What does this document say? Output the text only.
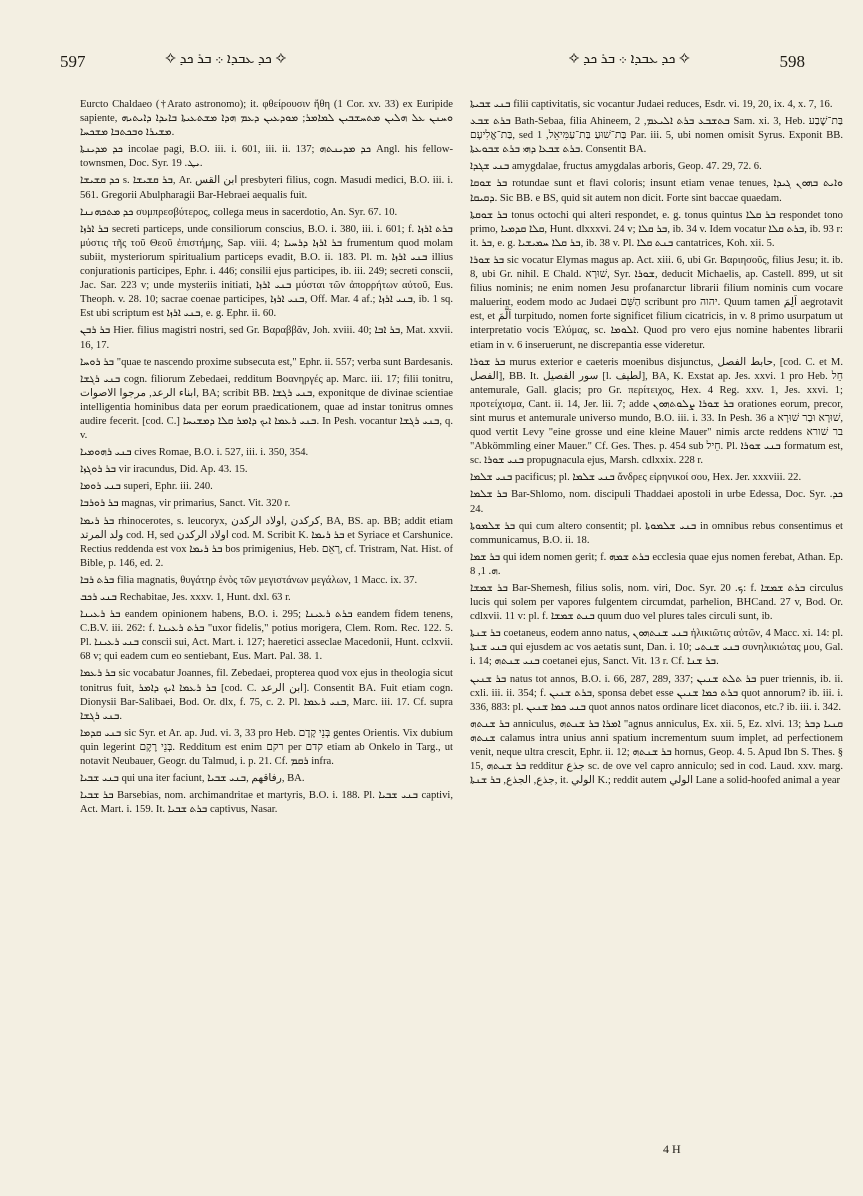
597	✧ ܟܕ ܥܒܕܐ ܀ ܒܪ ܟܕ ✧	✧ ܟܕ ܥܒܕܐ ܀ ܒܪ ܟܕ ✧	598

Eurcto Chaldaeo (†Arato astronomo); it. φθείρουσιν ἤθη (1 Cor. xv. 33) ex Euripide sapiente, ܘܚܢܢ ܥܠ ܗܠܝܢ ܡܬܚܫܒܝܢ ܠܡܐܡܪ; ܡܘܕܥܝܢ ܕܥܡ ܗܕܐ ܡܫܬܥܝܬܐ ܒܐܝܕܐ ܕܐܝܬܝܗ ܡܫܝܪܐ ܘܒܟܬܒܐ ܡܫܟܚܐ.

ܟܕ ܡܕܝܢܬܐ incolae pagi, B.O. iii. i. 601, iii. ii. 137; ܟܕ ܡܕܝܢܬܗ Angl. his fellow-townsmen, Doc. Syr. ܝܛ. 19.

ܟܕ ܩܫܝܫܐ s. ܒܪ ܩܫܝܫܐ, Ar. ابن القس presbyteri filius, cogn. Masudi medici, B.O. iii. i. 561. Gregorii Abulpharagii Bar-Hebraei aequalis fuit.

ܟܕ ܡܬܟܗܢܢܐ συμπρεσβύτερος, collega meus in sacerdotio, An. Syr. 67. 10.

ܒܪ ܐܪܙܐ secreti particeps, unde consiliorum conscius, B.O. i. 380, iii. i. 601; f. ܒܪܬ ܐܪܙܐ μύστις τῆς τοῦ Θεοῦ ἐπιστήμης, Sap. viii. 4; ܒܪ ܐܪܙܐ ܕܪܚܝܐ frumentum quod molam subiit, mysteriorum spiritualium particeps evadit, B.O. ii. 183. Pl. m. ܒܢܝ ܐܪܙܐ illius conjurationis participes, Ephr. i. 446; consilii ejus participes, ib. iii. 249; secreti conscii, Jac. Sar. 223 v; unde mysteriis initiati, ܒܢܝ ܐܪܙܐ μύσται τῶν ἀπορρήτων αὐτοῦ, Eus. Theoph. v. 28. 10; sacrae coenae participes, ܒܢܝ ܐܪܙܐ, Off. Mar. 4 af.; ܒܢܝ ܐܪܙܐ, ib. 1 sq. Est ubi scriptum est ܒܢܝ ܐܪܙܐ, e. g. Ephr. ii. 60.

ܒܪ ܪܒܢ Hier. filius magistri nostri, sed Gr. Βαραββᾶν, Joh. xviii. 40; ܒܪ ܐܒܐ, Mat. xxvii. 16, 17.

ܒܪ ܪܘܚܐ "quae te nascendo proxime subsecuta est," Ephr. ii. 557; verba sunt Bardesanis.

ܒܢܝ ܪܓܫܐ cogn. filiorum Zebedaei, redditum Βοανηργές ap. Marc. iii. 17; filii tonitru, ابناء الرعد, مرجوا الاصوات, BA; scribit BB. ܒܢܝ ܪܓܫܐ, exponitque de divinae scientiae intelligentia hominibus data per eorum praedicationem, quae ad instar tonitrus omnes audire fecerit. [cod. C.] ܒܢܝ ܪܥܡܐ ܐܝܟ ܕܐܡܪ ܩܠܐ ܕܡܫܝܚܐ. In Pesh. vocantur ܒܢܝ ܪܓܫܐ, q. v.

ܒܢܝ ܪܗܘܡܝܐ cives Romae, B.O. i. 527, iii. i. 350, 354.

ܒܪ ܪܘܓܙܐ vir iracundus, Did. Ap. 43. 15.

ܒܢܝ ܪܘܡܐ superi, Ephr. iii. 240.

ܒܪ ܪܘܪܒܐ magnas, vir primarius, Sanct. Vit. 320 r.

ܒܪ ܪܝܡܐ rhinocerotes, s. leucoryx, كركدن ,اولاد الركدن, BA, BS. ap. BB; addit etiam ولد المرتد cod. H, sed اولاد الركدن cod. M. Scribit K. ܒܪ ܪܝܡܐ et Syriace et Carshunice. Rectius reddenda est vox ܒܪ ܪܝܡܐ bos primigenius, Heb. רְאֵם, cf. Tristram, Nat. Hist. of Bible, p. 146, ed. 2.

ܒܪܬ ܪܒܐ filia magnatis, θυγάτηρ ἑνὸς τῶν μεγιστάνων μεγάλων, 1 Macc. ix. 37.

ܒܢܝ ܪܟܒ Rechabitae, Jes. xxxv. 1, Hunt. dxl. 63 r.

ܒܪ ܪܥܝܢܐ eandem opinionem habens, B.O. i. 295; ܒܪܬ ܪܥܝܢܐ eandem fidem tenens, C.B.V. iii. 262: f. ܒܪܬ ܪܥܝܢܐ "uxor fidelis," potius morigera, Clem. Rom. Rec. 122. 5. Pl. ܒܢܝ ܪܥܝܢܐ conscii sui, Act. Mart. i. 127; haeretici asseclae Macedonii, Hunt. cclxvii. 68 v; qui eadem cum eo sentiebant, Eus. Mart. Pal. 38. 1.

ܒܪ ܪܥܡܐ sic vocabatur Joannes, fil. Zebedaei, propterea quod vox ejus in theologia sicut tonitrus fuit, ܒܪ ܪܥܡܐ ܐܝܟ ܕܐܡܪ [cod. C. ابن الرعد]. Consentit BA. Fuit etiam cogn. Dionysii Bar-Salibaei, Bod. Or. dlx, f. 75, c. 2. Pl. ܒܢܝ ܪܥܡܐ, Marc. iii. 17. Cf. supra ܒܢܝ ܪܓܫܐ.

ܒܢܝ ܩܕܡܐ sic Syr. et Ar. ap. Jud. vi. 3, 33 pro Heb. בְּנֵי קֶדֶם gentes Orientis. Vix dubium quin legerint בְּנֵי רֶקֶם. Redditum est enim רקם per קדם etiam ab Onkelo in Targ., ut notavit Neubauer, Geogr. du Talmud, i. p. 21. Cf. ܪܩܡ infra.

ܒܢܝ ܫܒܝܐ qui una iter faciunt, رفاقهم ,ܒܢܝ ܫܒܝܐ, BA.

ܒܪ ܫܒܝܐ Barsebias, nom. archimandritae et martyris, B.O. i. 188. Pl. ܒܢܝ ܫܒܝܐ captivi, Act. Mart. i. 159. It. ܒܪܬ ܫܒܝܐ captivus, Nasar.

ܒܢܝ ܫܒܝܬܐ filii captivitatis, sic vocantur Judaei reduces, Esdr. vi. 19, 20, ix. 4, x. 7, 16.

ܒܪܬ ܫܒܥ Bath-Sebaa, filia Ahineem, ܒܬܫܒܥ ܒܪܬ ܐܠܝܥܡ, 2 Sam. xi. 3, Heb. בַּת־שֶׁבַע בַּת־אֱלִיעָם, sed בַּת־שׁוּעַ בַּת־עַמִּיאֵל, 1 Par. iii. 5, ubi nomen omisit Syrus. Exponit BB. ܒܪܬ ܫܒܥܐ ܕܗܝ ܒܪܬ ܫܒܘܥܬܐ. Consentit BA.

ܒܢܝ ܫܓܕܐ amygdalae, fructus amygdalas arboris, Geop. 47. 29, 72. 6.

ܒܪ ܫܘܩܐ rotundae sunt et flavi coloris; insunt etiam venae tenues, ܘܐܝܬ ܒܗܘܢ ܓܝܕܐ ܕܩܝܩܐ. Sic BB. e BS, quid sit autem non dicit. Forte sint baccae quaedam.

ܒܪ ܫܘܩܬܐ tonus octochi qui alteri respondet, e. g. tonus quintus ܒܪ ܩܠܐ respondet tono primo, ܩܠܐ ܩܕܡܝܐ, Hunt. dlxxxvi. 24 v; ܒܪ ܩܠܐ, ib. 34 v. Idem vocatur ܒܪܬ ܩܠܐ, ib. 93 r: it. ܒܪ, e. g. ܒܪ ܩܠܐ ܚܡܝܫܝܐ, ib. 38 v. Pl. ܒܢܬ ܩܠܐ cantatrices, Koh. xii. 5.

ܒܪ ܫܘܪܐ sic vocatur Elymas magus ap. Act. xiii. 6, ubi Gr. Βαριησοῦς, filius Jesu; it. ib. 8, ubi Gr. nihil. E Chald. שׁוּרָא, Syr. ܫܘܪܐ, deducit Michaelis, ap. Castell. 899, ut sit filius nominis; ne enim nomen Jesu profanarctur librarii filium nominis cum vocare maluerint, eodem modo ac Judaei הַשֵּׁם scribunt pro יהוה. Quum tamen اَلِمَ aegrotavit est, et اَلَّمَ turpitudo, nomen forte significet filium cicatricis, in v. 8 primo usurpatum ut interpretatio vocis Ἐλύμας, sc. ܐܠܘܡܐ. Quod pro vero ejus nomine habentes librarii etiam in v. 6 inseruerunt, ne discrepantia esse videretur.

ܒܪ ܫܘܪܐ murus exterior e caeteris moenibus disjunctus, حابط الفصل, [cod. C. et M. الفصل], BB. It. سور الفصيل [l. لطيف], BA, K. Exstat ap. Jes. xxvi. 1 pro Heb. חֵל antemurale, Gall. glacis; pro Gr. περίτειχος, Hex. 4 Reg. xxv. 1, Jes. xxvi. 1; προτείχισμα, Cant. ii. 14, Jer. lii. 7; adde ܒܪ ܫܘܪܐ ܨܠܘܬܗܘܢ orationes eorum, precor, sint murus et antemurale universo mundo, B.O. iii. i. 33. In Pesh. 36 a שׁוּרָא וּבַר שׁוּרָא, quod vertit Levy "eine grosse und eine kleine Mauer" nimis arcte reddens בר שׁורא "Abkömmling einer Mauer." Cf. Ges. Thes. p. 454 sub חֵיל. Pl. ܒܢܝ ܫܘܪܐ formatum est, sc. ܒܢܝ ܫܘܪܐ propugnacula ejus, Marsh. cdlxxix. 228 r.

ܒܢܝ ܫܠܡܐ pacificus; pl. ܒܢܝ ܫܠܡܐ ἄνδρες εἰρηνικοί σου, Hex. Jer. xxxviii. 22.

ܒܪ ܫܠܡܐ Bar-Shlomo, nom. discipuli Thaddaei apostoli in urbe Edessa, Doc. Syr. ܟܕ. 24.

ܒܪ ܫܠܡܘܬܐ qui cum altero consentit; pl. ܒܢܝ ܫܠܡܘܬܐ in omnibus rebus consentimus et communicamus, B.O. ii. 18.

ܒܪ ܫܡܐ qui idem nomen gerit; f. ܒܪܬ ܫܡܗ ecclesia quae ejus nomen ferebat, Athan. Ep. ܗ. 1, 8.

ܒܪ ܫܡܫܐ Bar-Shemesh, filius solis, nom. viri, Doc. Syr. ܟ. 20: f. ܒܪܬ ܫܡܫܐ circulus lucis qui solem per vapores fulgentem circumdat, parhelion, BHCand. 27 v, Bod. Or. cdlxvii. 11 v: pl. f. ܒܢܬ ܫܡܫܐ quum duo vel plures tales circuli sunt, ib.

ܒܪ ܫܢܬܐ coetaneus, eodem anno natus, ܒܢܝ ܫܢܬܗܘܢ ἡλικιῶτις αὐτῶν, 4 Macc. xi. 14: pl. ܒܢܝ ܫܢܬܐ qui ejusdem ac vos aetatis sunt, Dan. i. 10; ܒܢܝ ܫܢܬܝ συνηλικιώτας μου, Gal. i. 14; ܒܢܝ ܫܢܬܗ coetanei ejus, Sanct. Vit. 13 r. Cf. ܒܪ ܫܢܐ.

ܒܪ ܫܢܝܢ natus tot annos, B.O. i. 66, 287, 289, 337; ܒܪ ܬܠܬ ܫܢܝܢ puer triennis, ib. ii. cxli. iii. ii. 354; f. ܒܪܬ ܫܢܝܢ, sponsa debet esse ܒܪܬ ܟܡܐ ܫܢܝܢ quot annorum? ib. iii. i. 336, 883: pl. ܒܢܝ ܟܡܐ ܫܢܝܢ quot annos natos ordinare licet diaconos, etc.? ib. iii. i. 342.

ܒܪ ܫܢܬܗ anniculus, ܐܡܪܐ ܒܪ ܫܢܬܗ "agnus anniculus, Ex. xii. 5, Ez. xlvi. 13; ܩܢܝܐ ܕܒܪ ܫܢܬܗ calamus intra unius anni spatium incrementum suum implet, ad perfectionem venit, neque ultra crescit, Ephr. ii. 12; ܒܪ ܫܢܬܗ hornus, Geop. 4. 5. Apud Ibn S. Thes. § 15, ܒܪ ܫܢܬܗ redditur جذع sc. de ove vel capro anniculo; sed in cod. Laud. xxv. marg. جذع, الجذع, ܒܪ ܫܢܬܐ, it. الولي K.; reddit autem الولي Lane a solid-hoofed animal a year

4 H
